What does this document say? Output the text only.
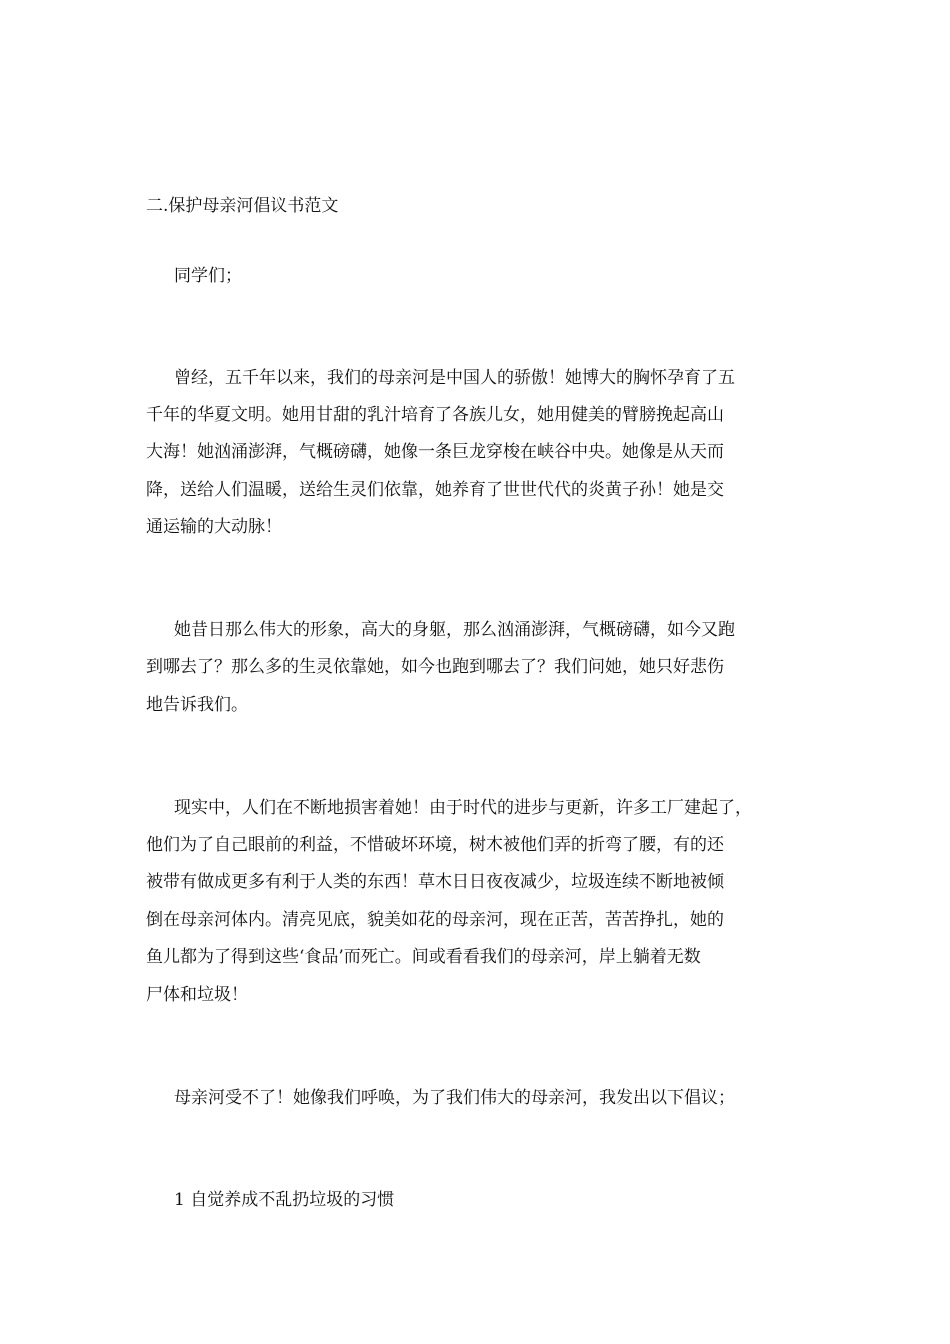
二.保护母亲河倡议书范文
同学们；
曾经，五千年以来，我们的母亲河是中国人的骄傲！她博大的胸怀孕育了五
千年的华夏文明。她用甘甜的乳汁培育了各族儿女，她用健美的臂膀挽起高山
大海！她汹涌澎湃，气概磅礴，她像一条巨龙穿梭在峡谷中央。她像是从天而
降，送给人们温暖，送给生灵们依靠，她养育了世世代代的炎黄子孙！她是交
通运输的大动脉！
她昔日那么伟大的形象，高大的身躯，那么汹涌澎湃，气概磅礴，如今又跑
到哪去了？那么多的生灵依靠她，如今也跑到哪去了？我们问她，她只好悲伤
地告诉我们。
现实中，人们在不断地损害着她！由于时代的进步与更新，许多工厂建起了，
他们为了自己眼前的利益，不惜破坏环境，树木被他们弄的折弯了腰，有的还
被带有做成更多有利于人类的东西！草木日日夜夜减少，垃圾连续不断地被倾
倒在母亲河体内。清亮见底，貌美如花的母亲河，现在正苦，苦苦挣扎，她的
鱼儿都为了得到这些‘食品’而死亡。间或看看我们的母亲河，岸上躺着无数
尸体和垃圾！
母亲河受不了！她像我们呼唤，为了我们伟大的母亲河，我发出以下倡议；
1 自觉养成不乱扔垃圾的习惯
